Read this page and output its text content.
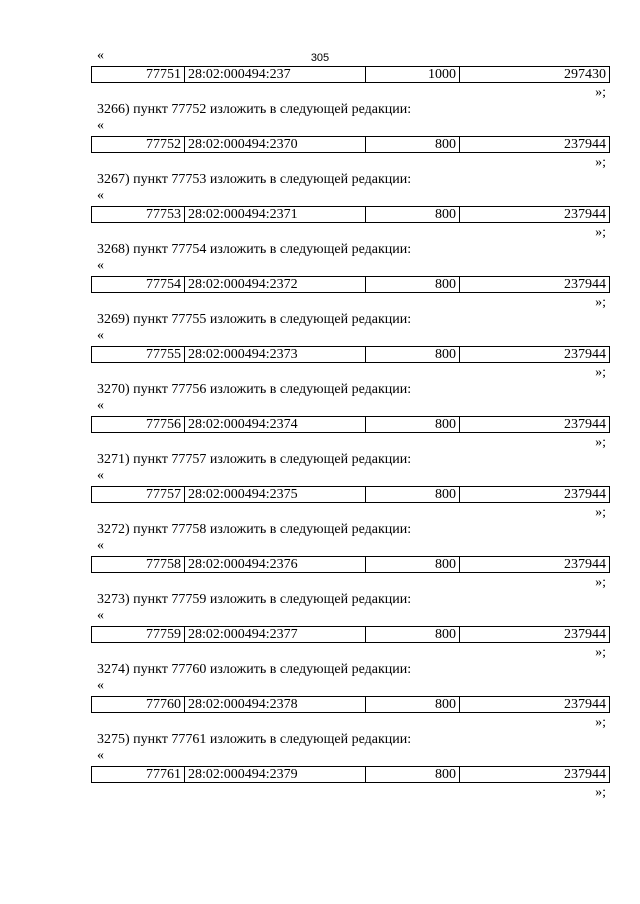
305
«
77751 28:02:000494:237	1000	297430
»;
3266) пункт 77752 изложить в следующей редакции:
«
77752 28:02:000494:2370	800	237944
»;
3267) пункт 77753 изложить в следующей редакции:
«
77753 28:02:000494:2371	800	237944
»;
3268) пункт 77754 изложить в следующей редакции:
«
77754 28:02:000494:2372	800	237944
»;
3269) пункт 77755 изложить в следующей редакции:
«
77755 28:02:000494:2373	800	237944
»;
3270) пункт 77756 изложить в следующей редакции:
«
77756 28:02:000494:2374	800	237944
»;
3271) пункт 77757 изложить в следующей редакции:
«
77757 28:02:000494:2375	800	237944
»;
3272) пункт 77758 изложить в следующей редакции:
«
77758 28:02:000494:2376	800	237944
»;
3273) пункт 77759 изложить в следующей редакции:
«
77759 28:02:000494:2377	800	237944
»;
3274) пункт 77760 изложить в следующей редакции:
«
77760 28:02:000494:2378	800	237944
»;
3275) пункт 77761 изложить в следующей редакции:
«
77761 28:02:000494:2379	800	237944
»;
